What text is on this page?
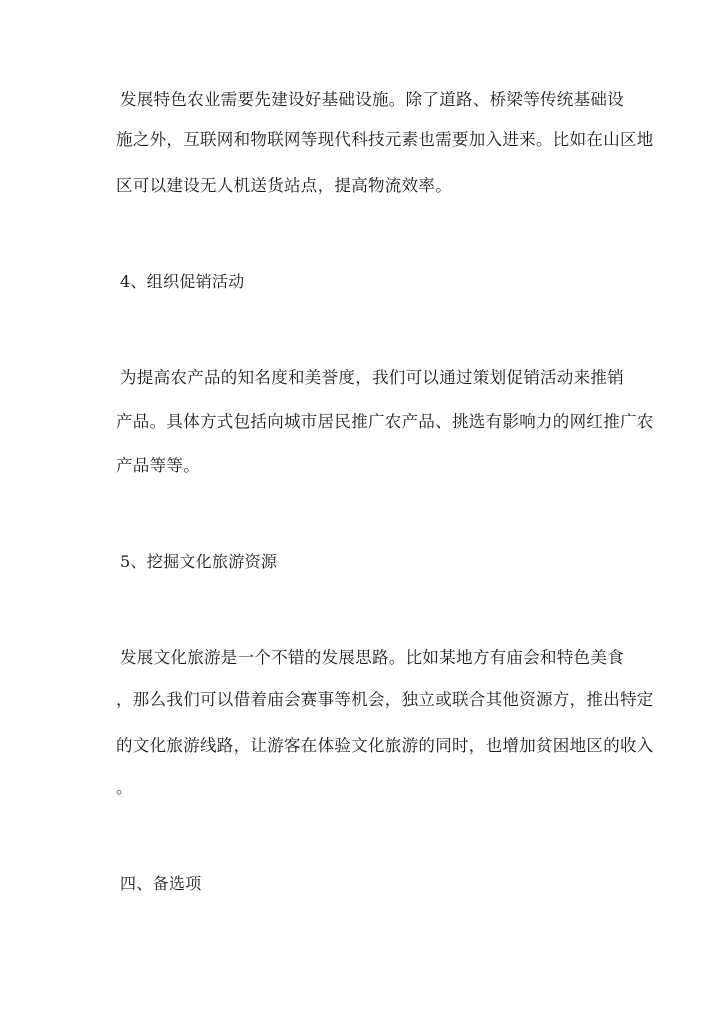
发展特色农业需要先建设好基础设施。除了道路、桥梁等传统基础设
施之外，互联网和物联网等现代科技元素也需要加入进来。比如在山区地
区可以建设无人机送货站点，提高物流效率。
4、组织促销活动
为提高农产品的知名度和美誉度，我们可以通过策划促销活动来推销
产品。具体方式包括向城市居民推广农产品、挑选有影响力的网红推广农
产品等等。
5、挖掘文化旅游资源
发展文化旅游是一个不错的发展思路。比如某地方有庙会和特色美食
，那么我们可以借着庙会赛事等机会，独立或联合其他资源方，推出特定
的文化旅游线路，让游客在体验文化旅游的同时，也增加贫困地区的收入
。
四、备选项
